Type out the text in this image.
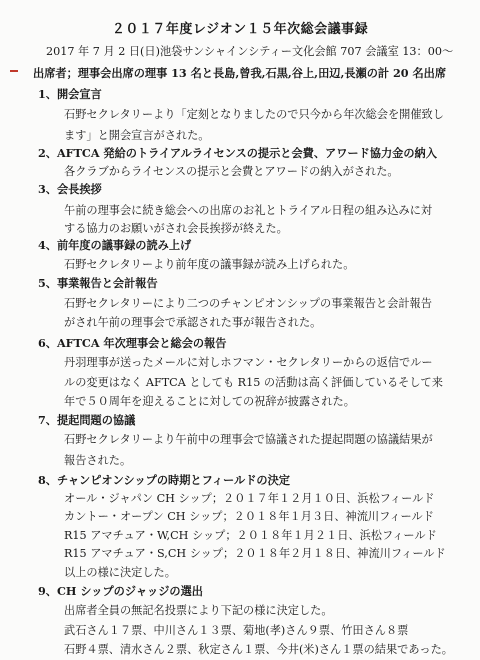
２０１７年度レジオン１５年次総会議事録
2017 年 7 月 2 日(日)池袋サンシャインシティー文化会館 707 会議室 13：00〜
出席者；理事会出席の理事 13 名と長島,曾我,石黒,谷上,田辺,長瀬の計 20 名出席
1、開会宣言
石野セクレタリーより「定刻となりましたので只今から年次総会を開催致し
ます」と開会宣言がされた。
2、AFTCA 発給のトライアルライセンスの提示と会費、アワード協力金の納入
各クラブからライセンスの提示と会費とアワードの納入がされた。
3、会長挨拶
午前の理事会に続き総会への出席のお礼とトライアル日程の組み込みに対
する協力のお願いがされ会長挨拶が終えた。
4、前年度の議事録の読み上げ
石野セクレタリーより前年度の議事録が読み上げられた。
5、事業報告と会計報告
石野セクレタリーにより二つのチャンピオンシップの事業報告と会計報告
がされ午前の理事会で承認された事が報告された。
6、AFTCA 年次理事会と総会の報告
丹羽理事が送ったメールに対しホフマン・セクレタリーからの返信でルー
ルの変更はなく AFTCA としても R15 の活動は高く評価しているそして来
年で５０周年を迎えることに対しての祝辞が披露された。
7、提起問題の協議
石野セクレタリーより午前中の理事会で協議された提起問題の協議結果が
報告された。
8、チャンピオンシップの時期とフィールドの決定
オール・ジャパン CH シップ；２０１７年１２月１０日、浜松フィールド
カントー・オープン CH シップ；２０１８年１月３日、神流川フィールド
R15 アマチュア・W,CH シップ；２０１８年１月２１日、浜松フィールド
R15 アマチュア・S,CH シップ；２０１８年２月１８日、神流川フィールド
以上の様に決定した。
9、CH シップのジャッジの選出
出席者全員の無記名投票により下記の様に決定した。
武石さん１７票、中川さん１３票、菊地(孝)さん９票、竹田さん８票
石野４票、清水さん２票、秋定さん１票、今井(米)さん１票の結果であった。
